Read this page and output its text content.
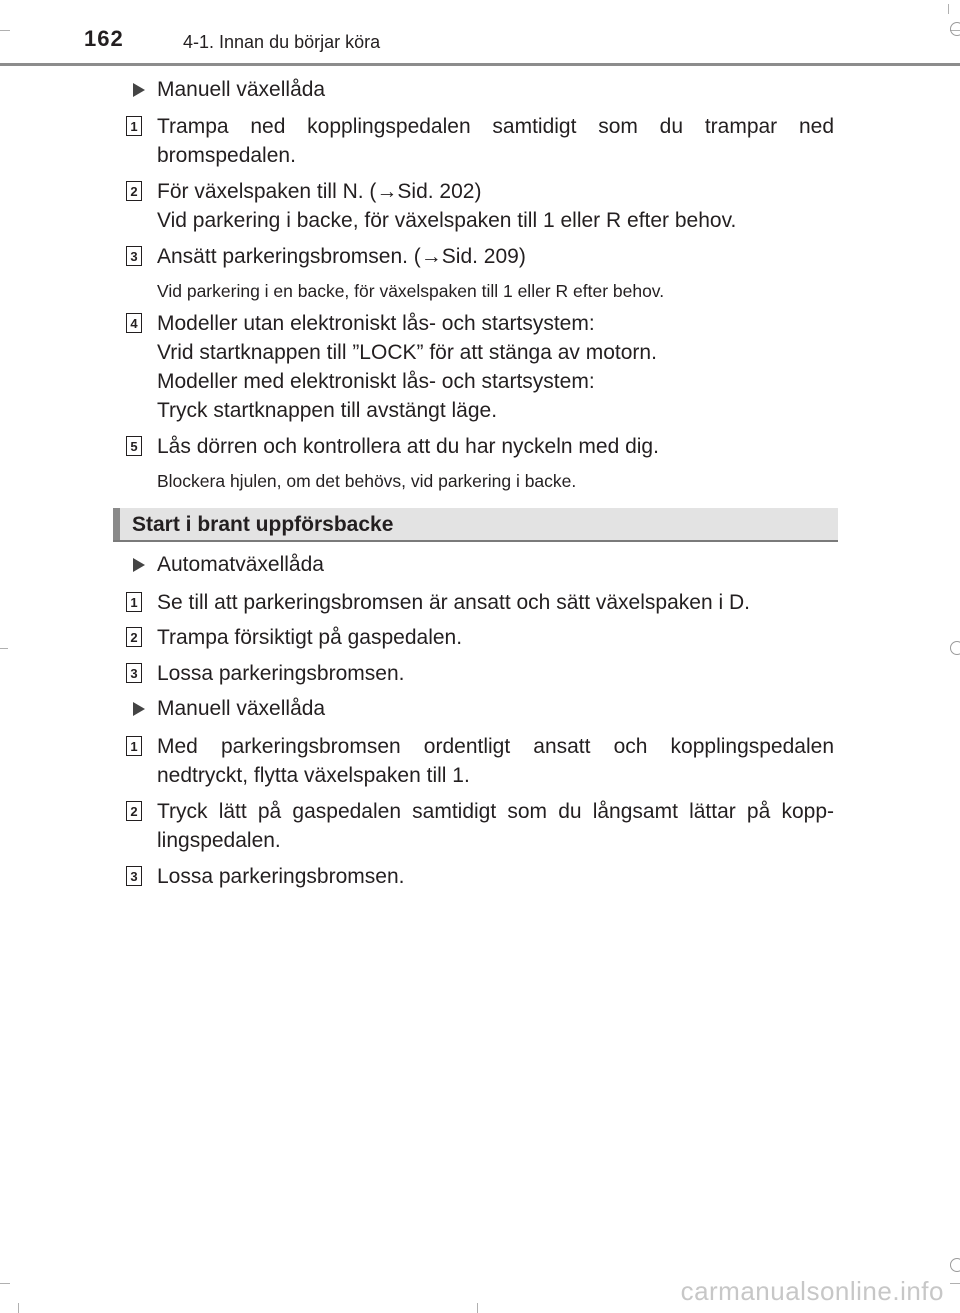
162	4-1. Innan du börjar köra
Manuell växellåda
1 Trampa ned kopplingspedalen samtidigt som du trampar ned bromspedalen.
2 För växelspaken till N. (→Sid. 202)
Vid parkering i backe, för växelspaken till 1 eller R efter behov.
3 Ansätt parkeringsbromsen. (→Sid. 209)
Vid parkering i en backe, för växelspaken till 1 eller R efter behov.
4 Modeller utan elektroniskt lås- och startsystem:
Vrid startknappen till ”LOCK” för att stänga av motorn.
Modeller med elektroniskt lås- och startsystem:
Tryck startknappen till avstängt läge.
5 Lås dörren och kontrollera att du har nyckeln med dig.
Blockera hjulen, om det behövs, vid parkering i backe.
Start i brant uppförsbacke
Automatväxellåda
1 Se till att parkeringsbromsen är ansatt och sätt växelspaken i D.
2 Trampa försiktigt på gaspedalen.
3 Lossa parkeringsbromsen.
Manuell växellåda
1 Med parkeringsbromsen ordentligt ansatt och kopplingspedalen nedtryckt, flytta växelspaken till 1.
2 Tryck lätt på gaspedalen samtidigt som du långsamt lättar på kopp-lingspedalen.
3 Lossa parkeringsbromsen.
carmanualsonline.info
